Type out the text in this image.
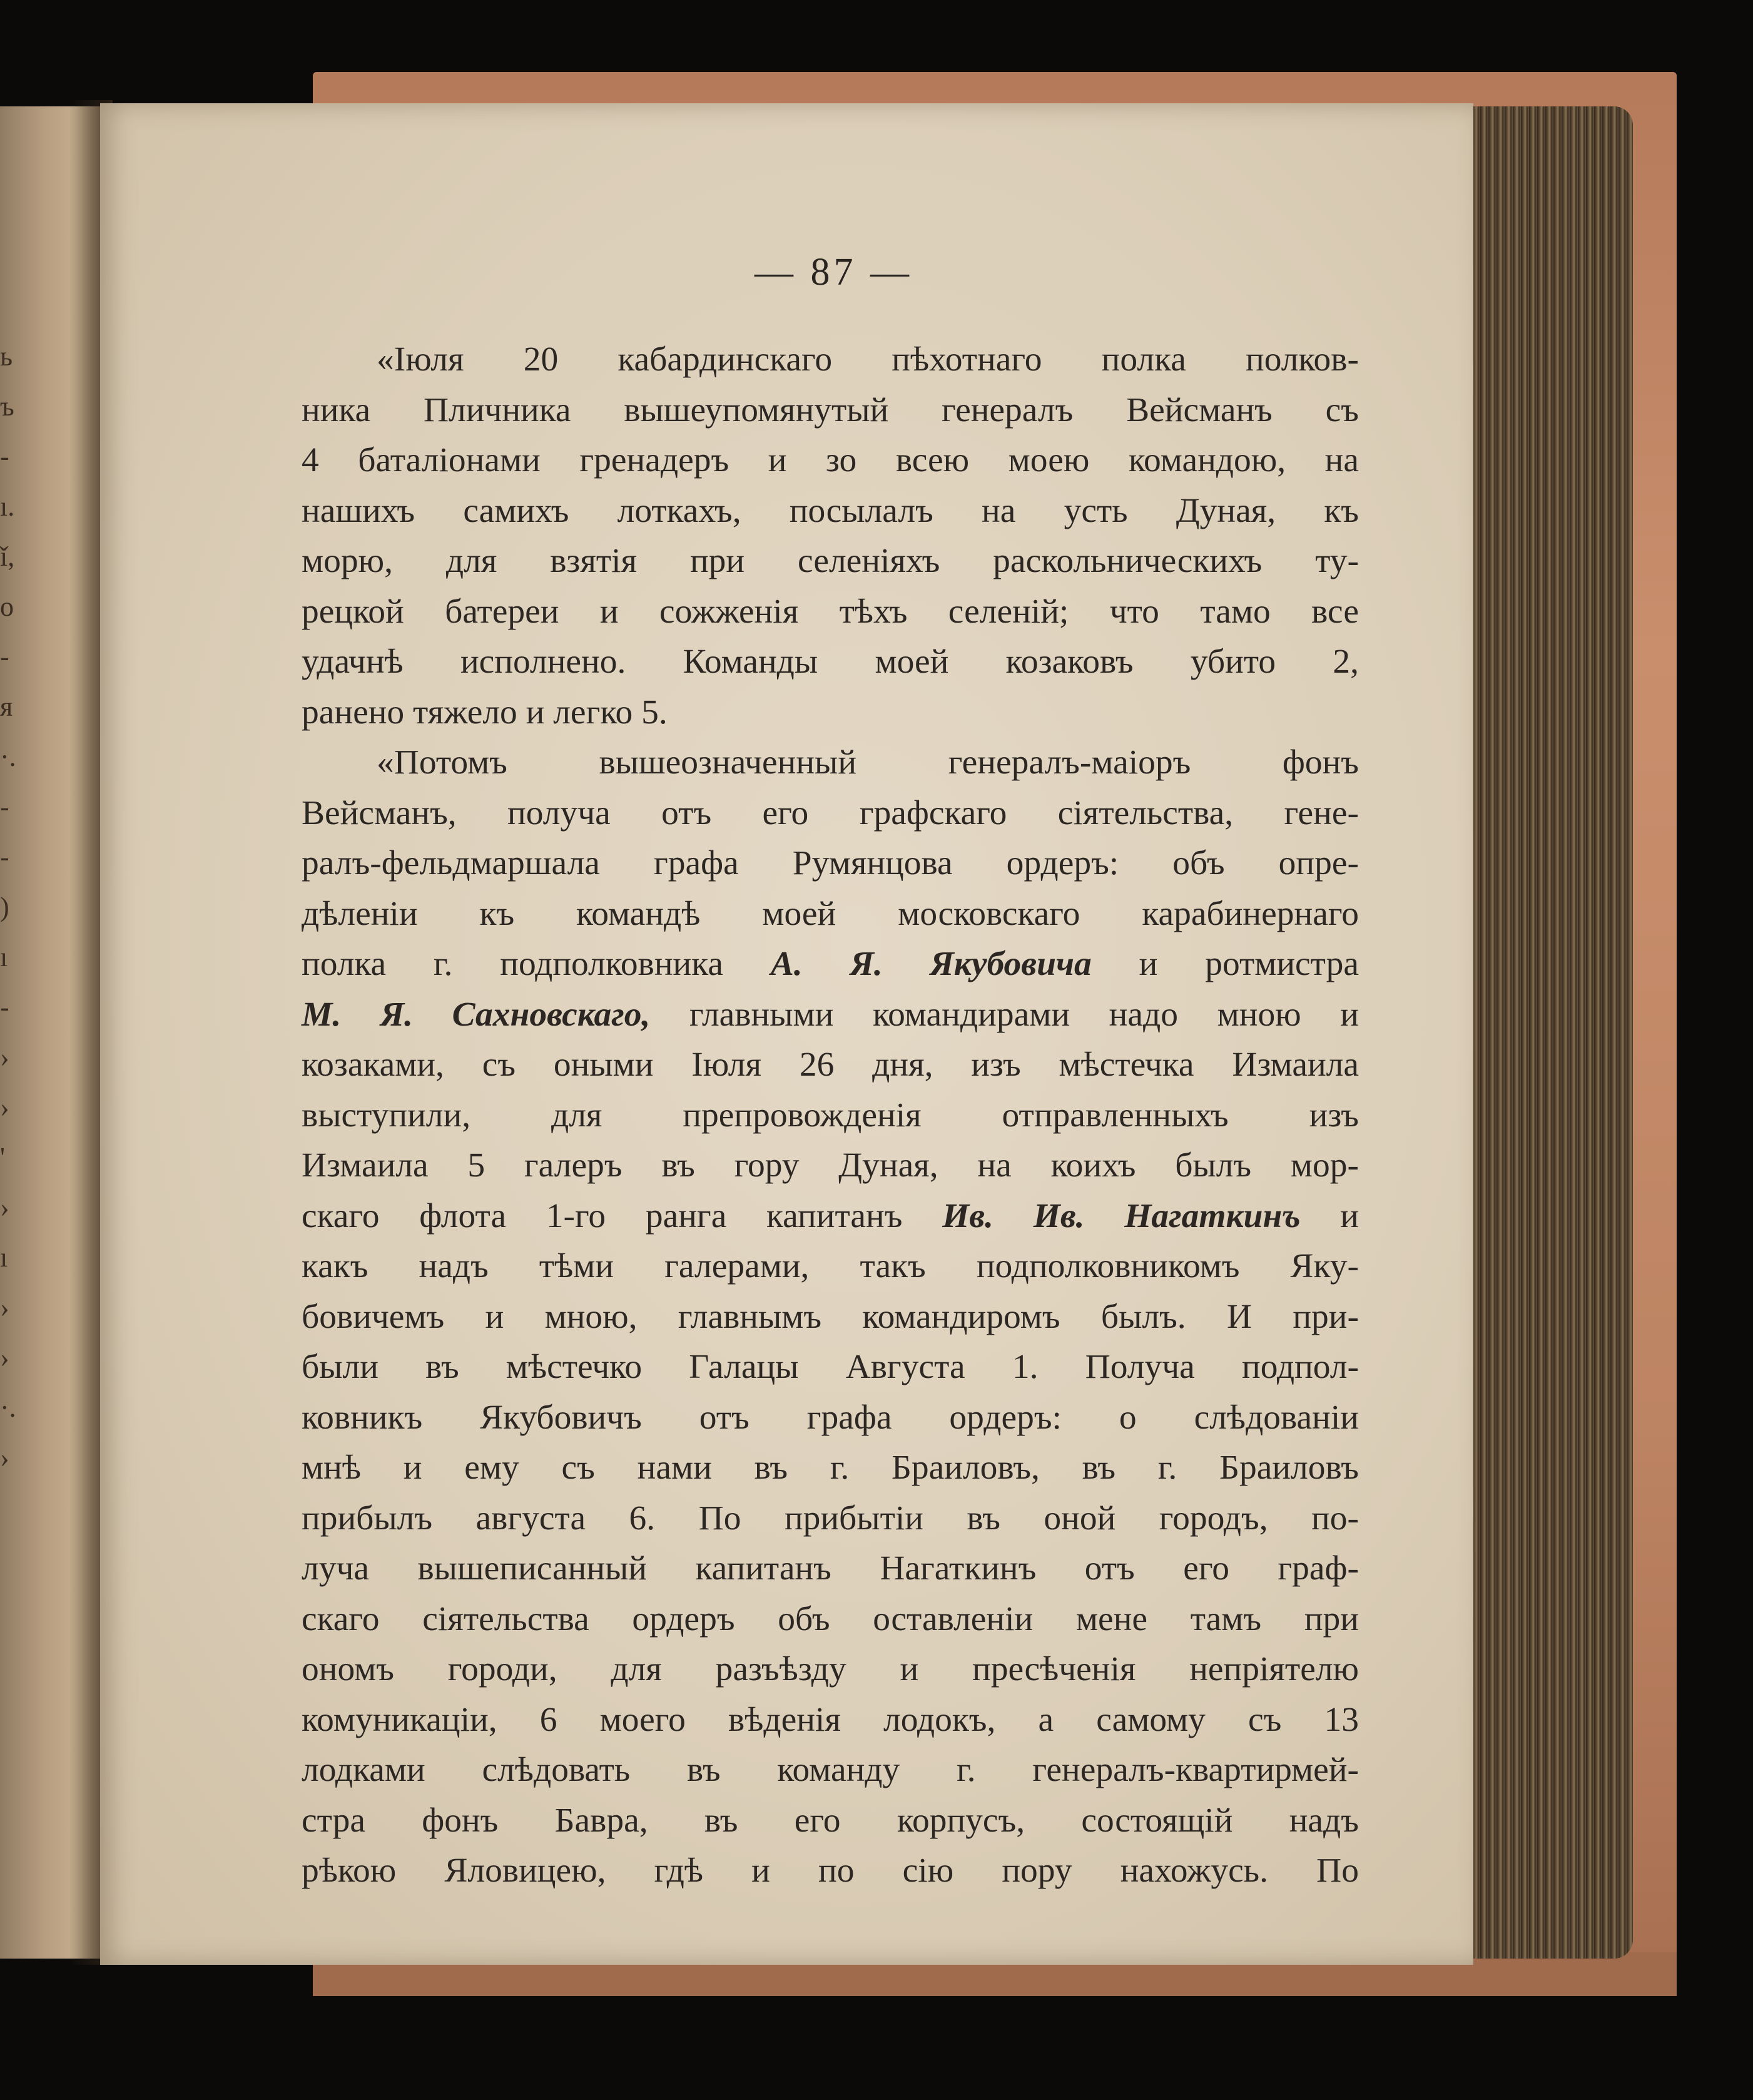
ь
ъ
-
ı.
ǐ,
o
-
я
·.
-
-
)
ı
-
›
›
'
›
ı
›
›
·.
›
— 87 —
«Іюля 20 кабардинскаго пѣхотнаго полка полков-
ника Пличника вышеупомянутый генералъ Вейсманъ съ
4 баталіонами гренадеръ и зо всею моею командою, на
нашихъ самихъ лоткахъ, посылалъ на усть Дуная, къ
морю, для взятія при селеніяхъ раскольническихъ ту-
рецкой батереи и сожженія тѣхъ селеній; что тамо все
удачнѣ исполнено. Команды моей козаковъ убито 2,
ранено тяжело и легко 5.
«Потомъ вышеозначенный генералъ-маіоръ фонъ
Вейсманъ, получа отъ его графскаго сіятельства, гене-
ралъ-фельдмаршала графа Румянцова ордеръ: объ опре-
дѣленіи къ командѣ моей московскаго карабинернаго
полка г. подполковника А. Я. Якубовича и ротмистра
М. Я. Сахновскаго, главными командирами надо мною и
козаками, съ оными Іюля 26 дня, изъ мѣстечка Измаила
выступили, для препровожденія отправленныхъ изъ
Измаила 5 галеръ въ гору Дуная, на коихъ былъ мор-
скаго флота 1-го ранга капитанъ Ив. Ив. Нагаткинъ и
какъ надъ тѣми галерами, такъ подполковникомъ Яку-
бовичемъ и мною, главнымъ командиромъ былъ. И при-
были въ мѣстечко Галацы Августа 1. Получа подпол-
ковникъ Якубовичъ отъ графа ордеръ: о слѣдованіи
мнѣ и ему съ нами въ г. Браиловъ, въ г. Браиловъ
прибылъ августа 6. По прибытіи въ оной городъ, по-
луча вышеписанный капитанъ Нагаткинъ отъ его граф-
скаго сіятельства ордеръ объ оставленіи мене тамъ при
ономъ городи, для разъѣзду и пресѣченія непріятелю
комуникаціи, 6 моего вѣденія лодокъ, а самому съ 13
лодками слѣдовать въ команду г. генералъ-квартирмей-
стра фонъ Бавра, въ его корпусъ, состоящій надъ
рѣкою Яловицею, гдѣ и по сію пору нахожусь. По
